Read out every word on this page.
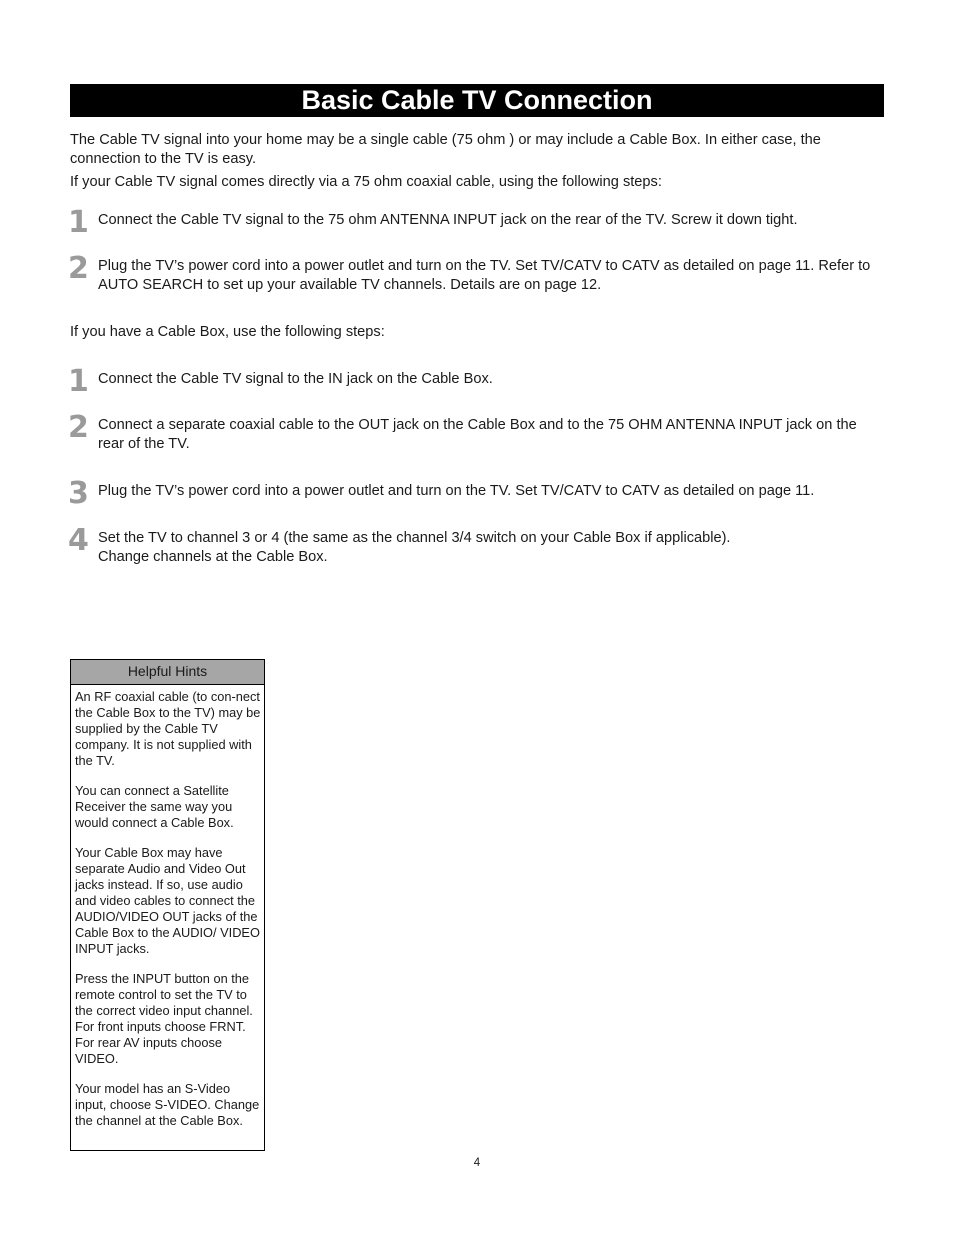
Basic Cable TV Connection

The Cable TV signal into your home may be a single cable (75 ohm ) or may include a Cable Box. In either case, the connection to the TV is easy.

If your Cable TV signal comes directly via a 75 ohm coaxial cable, using the following steps:

1 Connect the Cable TV signal to the 75 ohm ANTENNA INPUT jack on the rear of the TV. Screw it down tight.
2 Plug the TV’s power cord into a power outlet and turn on the TV. Set TV/CATV to CATV as detailed on page 11. Refer to AUTO SEARCH to set up your available TV channels. Details are on page 12.

If you have a Cable Box, use the following steps:

1 Connect the Cable TV signal to the IN jack on the Cable Box.
2 Connect a separate coaxial cable to the OUT jack on the Cable Box and to the 75 OHM ANTENNA INPUT jack on the rear of the TV.
3 Plug the TV’s power cord into a power outlet and turn on the TV. Set TV/CATV to CATV as detailed on page 11.
4 Set the TV to channel 3 or 4 (the same as the channel 3/4 switch on your Cable Box if applicable).
Change channels at the Cable Box.
Helpful Hints

An RF coaxial cable (to con-nect the Cable Box to the TV) may be supplied by the Cable TV company. It is not supplied with the TV.

You can connect a Satellite Receiver the same way you would connect a Cable Box.

Your Cable Box may have separate Audio and Video Out jacks instead. If so, use audio and video cables to connect the AUDIO/VIDEO OUT jacks of the Cable Box to the AUDIO/ VIDEO INPUT jacks.

Press the INPUT button on the remote control to set the TV to the correct video input channel. For front inputs choose FRNT. For rear AV inputs choose VIDEO.

Your model has an S-Video input, choose S-VIDEO. Change the channel at the Cable Box.

4
